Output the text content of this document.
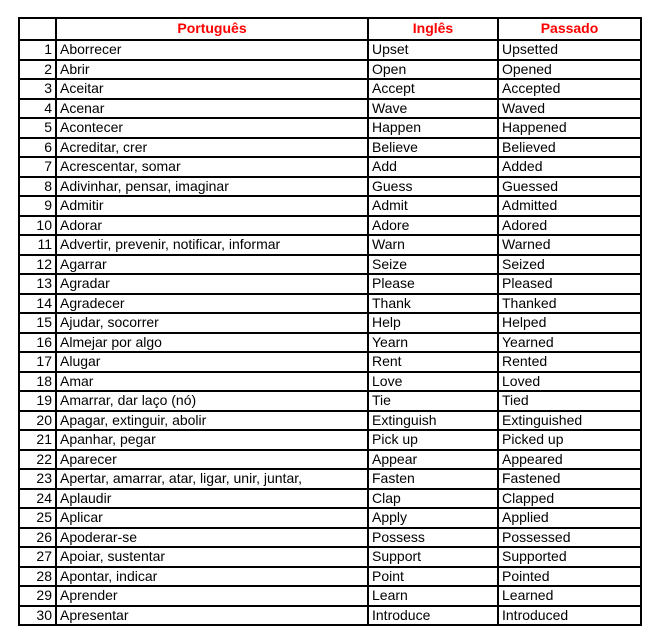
	Português	Inglês	Passado
1	Aborrecer	Upset	Upsetted
2	Abrir	Open	Opened
3	Aceitar	Accept	Accepted
4	Acenar	Wave	Waved
5	Acontecer	Happen	Happened
6	Acreditar, crer	Believe	Believed
7	Acrescentar, somar	Add	Added
8	Adivinhar, pensar, imaginar	Guess	Guessed
9	Admitir	Admit	Admitted
10	Adorar	Adore	Adored
11	Advertir, prevenir, notificar, informar	Warn	Warned
12	Agarrar	Seize	Seized
13	Agradar	Please	Pleased
14	Agradecer	Thank	Thanked
15	Ajudar, socorrer	Help	Helped
16	Almejar por algo	Yearn	Yearned
17	Alugar	Rent	Rented
18	Amar	Love	Loved
19	Amarrar, dar laço (nó)	Tie	Tied
20	Apagar, extinguir, abolir	Extinguish	Extinguished
21	Apanhar, pegar	Pick up	Picked up
22	Aparecer	Appear	Appeared
23	Apertar, amarrar, atar, ligar, unir, juntar,	Fasten	Fastened
24	Aplaudir	Clap	Clapped
25	Aplicar	Apply	Applied
26	Apoderar-se	Possess	Possessed
27	Apoiar, sustentar	Support	Supported
28	Apontar, indicar	Point	Pointed
29	Aprender	Learn	Learned
30	Apresentar	Introduce	Introduced
